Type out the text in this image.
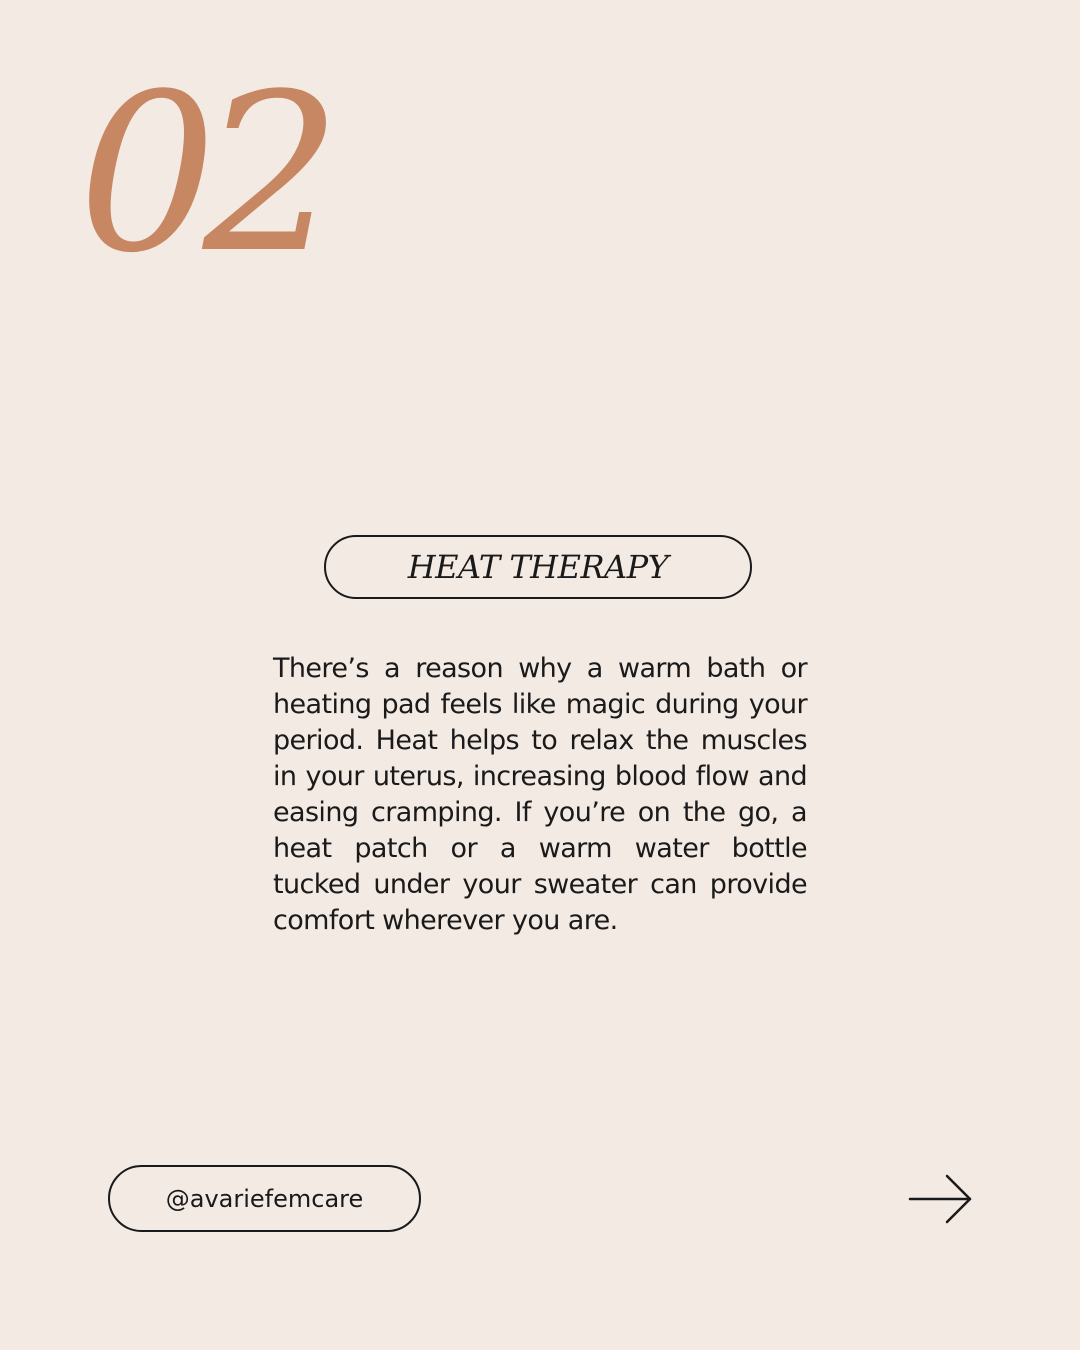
02
HEAT THERAPY

There’s a reason why a warm bath or heating pad feels like magic during your period. Heat helps to relax the muscles in your uterus, increasing blood flow and easing cramping. If you’re on the go, a heat patch or a warm water bottle tucked under your sweater can provide comfort wherever you are.

@avariefemcare
